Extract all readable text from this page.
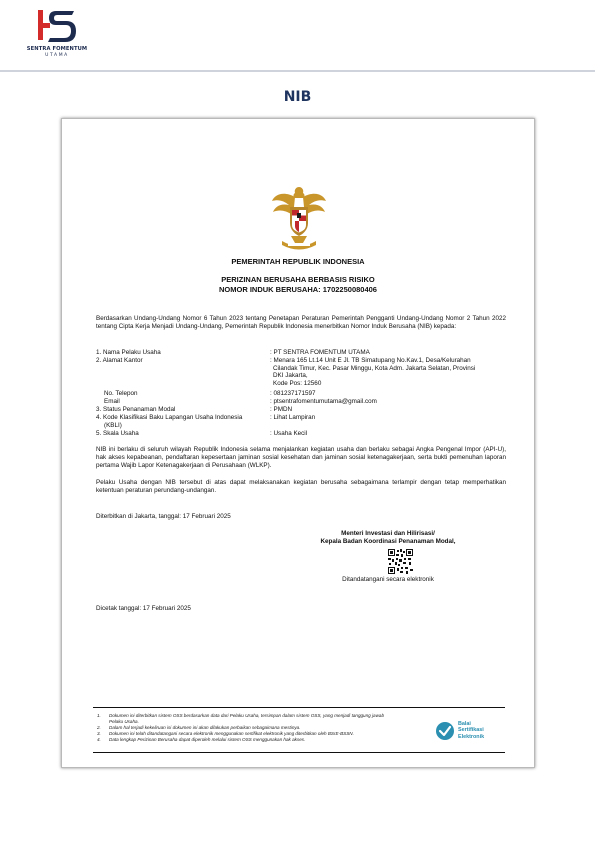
SENTRA FOMENTUM
UTAMA
NIB
PEMERINTAH REPUBLIK INDONESIA
PERIZINAN BERUSAHA BERBASIS RISIKO
NOMOR INDUK BERUSAHA: 1702250080406
Berdasarkan Undang-Undang Nomor 6 Tahun 2023 tentang Penetapan Peraturan Pemerintah Pengganti Undang-Undang Nomor 2 Tahun 2022 tentang Cipta Kerja Menjadi Undang-Undang, Pemerintah Republik Indonesia menerbitkan Nomor Induk Berusaha (NIB) kepada:
1. Nama Pelaku Usaha	: PT SENTRA FOMENTUM UTAMA
2. Alamat Kantor	: Menara 165 Lt.14 Unit E Jl. TB Simatupang No.Kav.1, Desa/Kelurahan
Cilandak Timur, Kec. Pasar Minggu, Kota Adm. Jakarta Selatan, Provinsi
DKI Jakarta,
Kode Pos: 12560
No. Telepon	: 081237171597
Email	: ptsentrafomentumutama@gmail.com
3. Status Penanaman Modal	: PMDN
4. Kode Klasifikasi Baku Lapangan Usaha Indonesia
(KBLI)
: Lihat Lampiran
5. Skala Usaha	: Usaha Kecil
NIB ini berlaku di seluruh wilayah Republik Indonesia selama menjalankan kegiatan usaha dan berlaku sebagai Angka Pengenal Impor (API-U), hak akses kepabeanan, pendaftaran kepesertaan jaminan sosial kesehatan dan jaminan sosial ketenagakerjaan, serta bukti pemenuhan laporan pertama Wajib Lapor Ketenagakerjaan di Perusahaan (WLKP).
Pelaku Usaha dengan NIB tersebut di atas dapat melaksanakan kegiatan berusaha sebagaimana terlampir dengan tetap memperhatikan ketentuan peraturan perundang-undangan.
Diterbitkan di Jakarta, tanggal: 17 Februari 2025
Menteri Investasi dan Hilirisasi/
Kepala Badan Koordinasi Penanaman Modal,
Ditandatangani secara elektronik
Dicetak tanggal: 17 Februari 2025
1. Dokumen ini diterbitkan sistem OSS berdasarkan data dari Pelaku Usaha, tersimpan dalam sistem OSS, yang menjadi tanggung jawab
Pelaku Usaha.
2. Dalam hal terjadi kekeliruan isi dokumen ini akan dilakukan perbaikan sebagaimana mestinya.
3. Dokumen ini telah ditandatangani secara elektronik menggunakan sertifikat elektronik yang diterbitkan oleh BSrE-BSSN.
4. Data lengkap Perizinan Berusaha dapat diperoleh melalui sistem OSS menggunakan hak akses.
Balai
Sertifikasi
Elektronik
